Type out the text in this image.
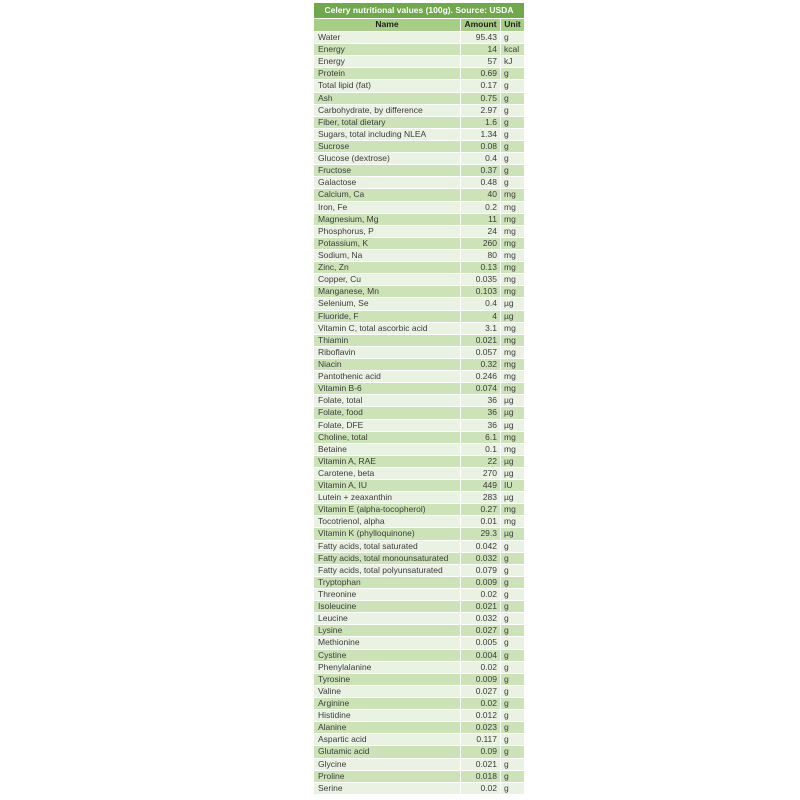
Celery nutritional values (100g). Source: USDA
Name	Amount Unit
Water	95.43 g
Energy	14 kcal
Energy	57 kJ
Protein	0.69 g
Total lipid (fat)	0.17 g
Ash	0.75 g
Carbohydrate, by difference	2.97 g
Fiber, total dietary	1.6 g
Sugars, total including NLEA	1.34 g
Sucrose	0.08 g
Glucose (dextrose)	0.4 g
Fructose	0.37 g
Galactose	0.48 g
Calcium, Ca	40 mg
Iron, Fe	0.2 mg
Magnesium, Mg	11 mg
Phosphorus, P	24 mg
Potassium, K	260 mg
Sodium, Na	80 mg
Zinc, Zn	0.13 mg
Copper, Cu	0.035 mg
Manganese, Mn	0.103 mg
Selenium, Se	0.4 µg
Fluoride, F	4 µg
Vitamin C, total ascorbic acid	3.1 mg
Thiamin	0.021 mg
Riboflavin	0.057 mg
Niacin	0.32 mg
Pantothenic acid	0.246 mg
Vitamin B-6	0.074 mg
Folate, total	36 µg
Folate, food	36 µg
Folate, DFE	36 µg
Choline, total	6.1 mg
Betaine	0.1 mg
Vitamin A, RAE	22 µg
Carotene, beta	270 µg
Vitamin A, IU	449 IU
Lutein + zeaxanthin	283 µg
Vitamin E (alpha-tocopherol)	0.27 mg
Tocotrienol, alpha	0.01 mg
Vitamin K (phylloquinone)	29.3 µg
Fatty acids, total saturated	0.042 g
Fatty acids, total monounsaturated	0.032 g
Fatty acids, total polyunsaturated	0.079 g
Tryptophan	0.009 g
Threonine	0.02 g
Isoleucine	0.021 g
Leucine	0.032 g
Lysine	0.027 g
Methionine	0.005 g
Cystine	0.004 g
Phenylalanine	0.02 g
Tyrosine	0.009 g
Valine	0.027 g
Arginine	0.02 g
Histidine	0.012 g
Alanine	0.023 g
Aspartic acid	0.117 g
Glutamic acid	0.09 g
Glycine	0.021 g
Proline	0.018 g
Serine	0.02 g
